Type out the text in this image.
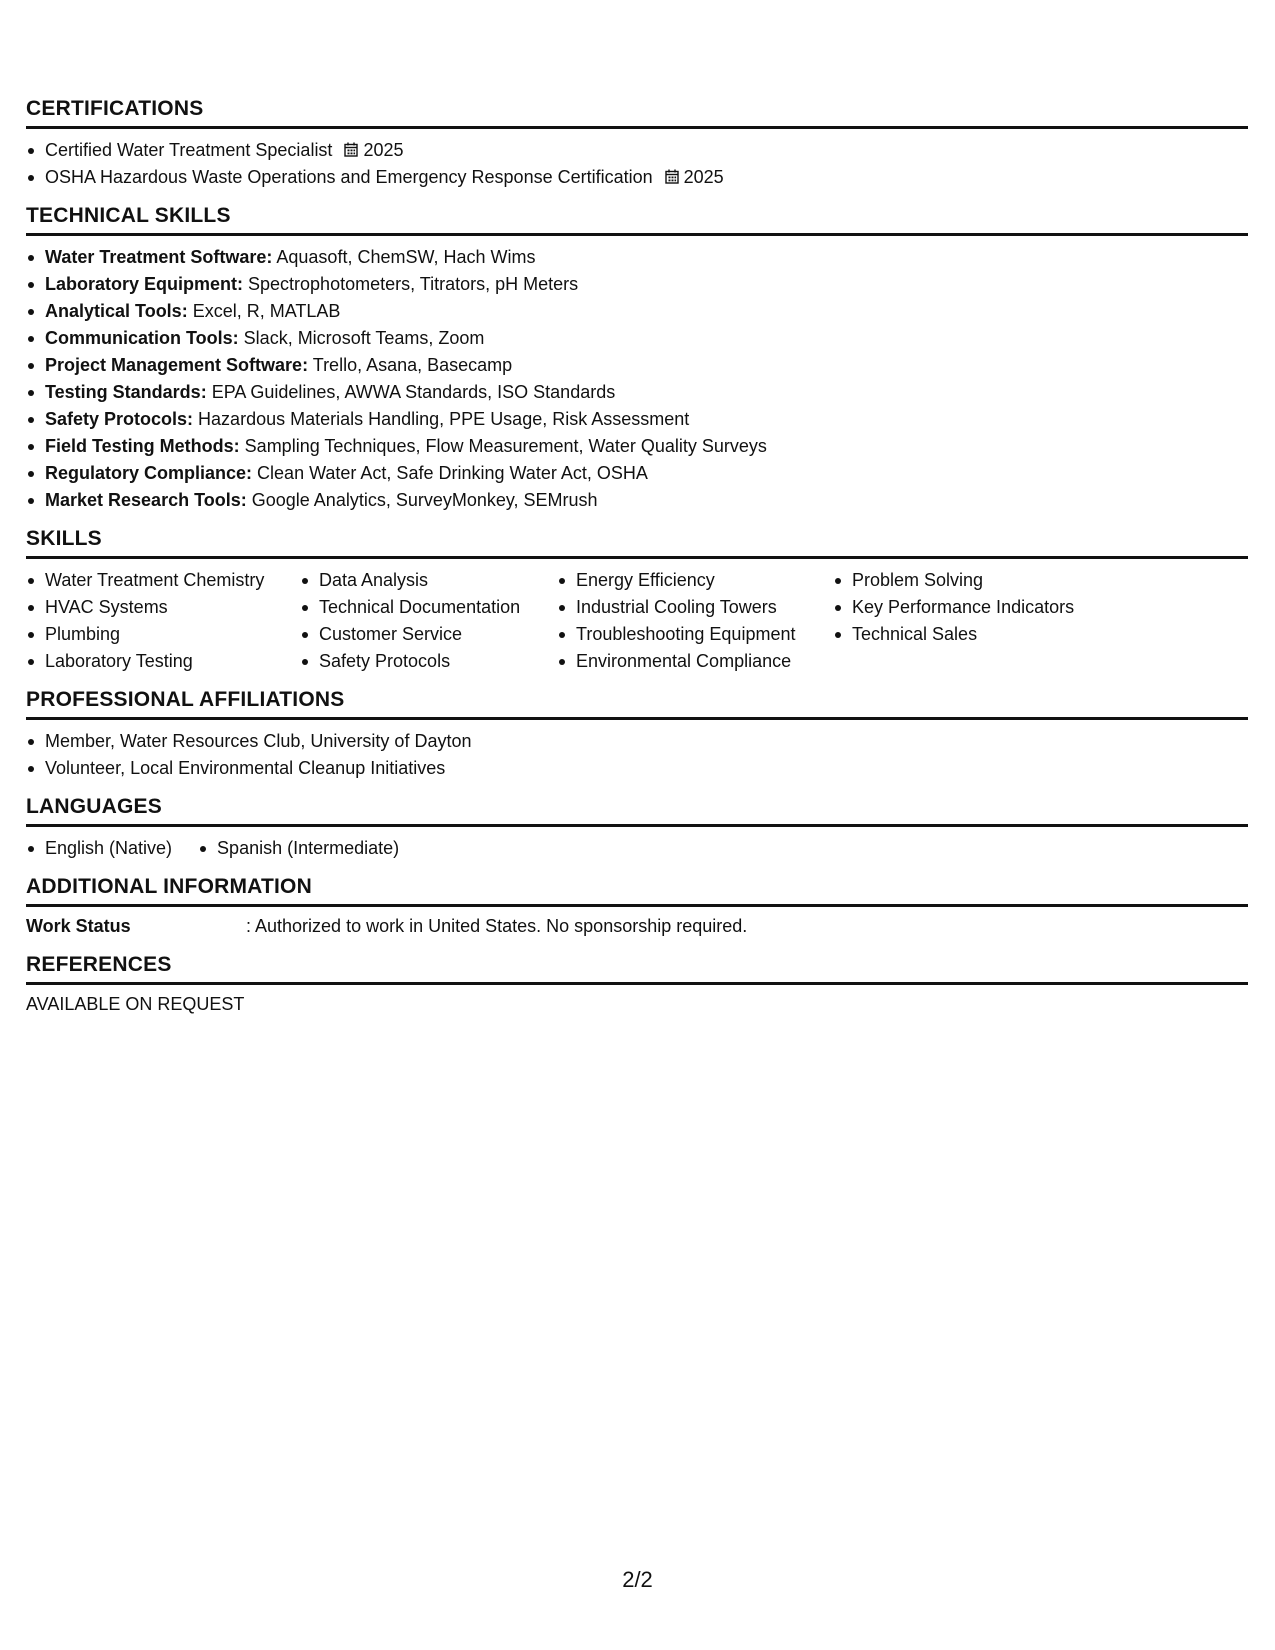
CERTIFICATIONS
Certified Water Treatment Specialist 2025
OSHA Hazardous Waste Operations and Emergency Response Certification 2025
TECHNICAL SKILLS
Water Treatment Software: Aquasoft, ChemSW, Hach Wims
Laboratory Equipment: Spectrophotometers, Titrators, pH Meters
Analytical Tools: Excel, R, MATLAB
Communication Tools: Slack, Microsoft Teams, Zoom
Project Management Software: Trello, Asana, Basecamp
Testing Standards: EPA Guidelines, AWWA Standards, ISO Standards
Safety Protocols: Hazardous Materials Handling, PPE Usage, Risk Assessment
Field Testing Methods: Sampling Techniques, Flow Measurement, Water Quality Surveys
Regulatory Compliance: Clean Water Act, Safe Drinking Water Act, OSHA
Market Research Tools: Google Analytics, SurveyMonkey, SEMrush
SKILLS
Water Treatment Chemistry
HVAC Systems
Plumbing
Laboratory Testing
Data Analysis
Technical Documentation
Customer Service
Safety Protocols
Energy Efficiency
Industrial Cooling Towers
Troubleshooting Equipment
Environmental Compliance
Problem Solving
Key Performance Indicators
Technical Sales
PROFESSIONAL AFFILIATIONS
Member, Water Resources Club, University of Dayton
Volunteer, Local Environmental Cleanup Initiatives
LANGUAGES
English (Native)	Spanish (Intermediate)
ADDITIONAL INFORMATION
Work Status	: Authorized to work in United States. No sponsorship required.
REFERENCES
AVAILABLE ON REQUEST
2/2
